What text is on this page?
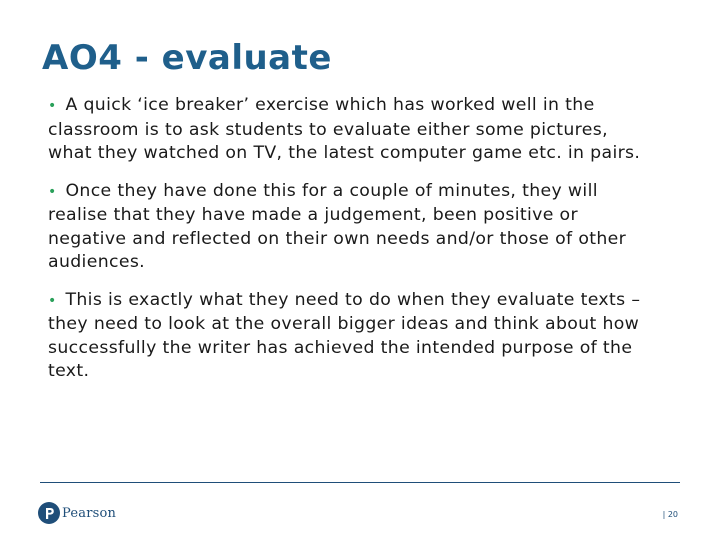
AO4 - evaluate

• A quick ‘ice breaker’ exercise which has worked well in the classroom is to ask students to evaluate either some pictures, what they watched on TV, the latest computer game etc. in pairs.

• Once they have done this for a couple of minutes, they will realise that they have made a judgement, been positive or negative and reflected on their own needs and/or those of other audiences.

• This is exactly what they need to do when they evaluate texts – they need to look at the overall bigger ideas and think about how successfully the writer has achieved the intended purpose of the text.

Pearson	| 20
